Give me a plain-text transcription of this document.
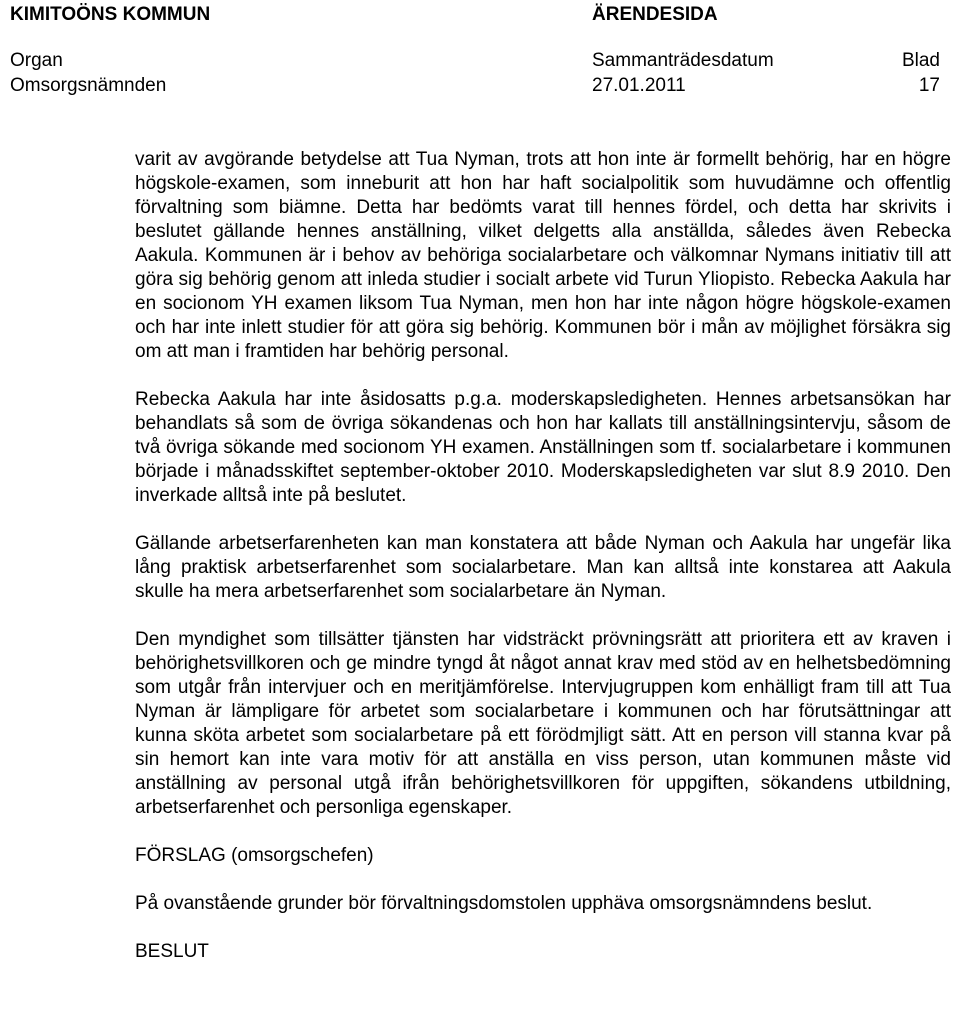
KIMITOÖNS KOMMUN	ÄRENDESIDA
Organ	Sammanträdesdatum	Blad
Omsorgsnämnden	27.01.2011	17

varit av avgörande betydelse att Tua Nyman, trots att hon inte är formellt behörig, har en högre högskole-examen, som inneburit att hon har haft socialpolitik som huvudämne och offentlig förvaltning som biämne. Detta har bedömts varat till hennes fördel, och detta har skrivits i beslutet gällande hennes anställning, vilket delgetts alla anställda, således även Rebecka Aakula. Kommunen är i behov av behöriga socialarbetare och välkomnar Nymans initiativ till att göra sig behörig genom att inleda studier i socialt arbete vid Turun Yliopisto. Rebecka Aakula har en socionom YH examen liksom Tua Nyman, men hon har inte någon högre högskole-examen och har inte inlett studier för att göra sig behörig. Kommunen bör i mån av möjlighet försäkra sig om att man i framtiden har behörig personal.

Rebecka Aakula har inte åsidosatts p.g.a. moderskapsledigheten. Hennes arbetsansökan har behandlats så som de övriga sökandenas och hon har kallats till anställningsintervju, såsom de två övriga sökande med socionom YH examen. Anställningen som tf. socialarbetare i kommunen började i månadsskiftet september-oktober 2010. Moderskapsledigheten var slut 8.9 2010. Den inverkade alltså inte på beslutet.

Gällande arbetserfarenheten kan man konstatera att både Nyman och Aakula har ungefär lika lång praktisk arbetserfarenhet som socialarbetare. Man kan alltså inte konstarea att Aakula skulle ha mera arbetserfarenhet som socialarbetare än Nyman.

Den myndighet som tillsätter tjänsten har vidsträckt prövningsrätt att prioritera ett av kraven i behörighetsvillkoren och ge mindre tyngd åt något annat krav med stöd av en helhetsbedömning som utgår från intervjuer och en meritjämförelse. Intervjugruppen kom enhälligt fram till att Tua Nyman är lämpligare för arbetet som socialarbetare i kommunen och har förutsättningar att kunna sköta arbetet som socialarbetare på ett förödmjligt sätt. Att en person vill stanna kvar på sin hemort kan inte vara motiv för att anställa en viss person, utan kommunen måste vid anställning av personal utgå ifrån behörighetsvillkoren för uppgiften, sökandens utbildning, arbetserfarenhet och personliga egenskaper.

FÖRSLAG (omsorgschefen)

På ovanstående grunder bör förvaltningsdomstolen upphäva omsorgsnämndens beslut.

BESLUT
